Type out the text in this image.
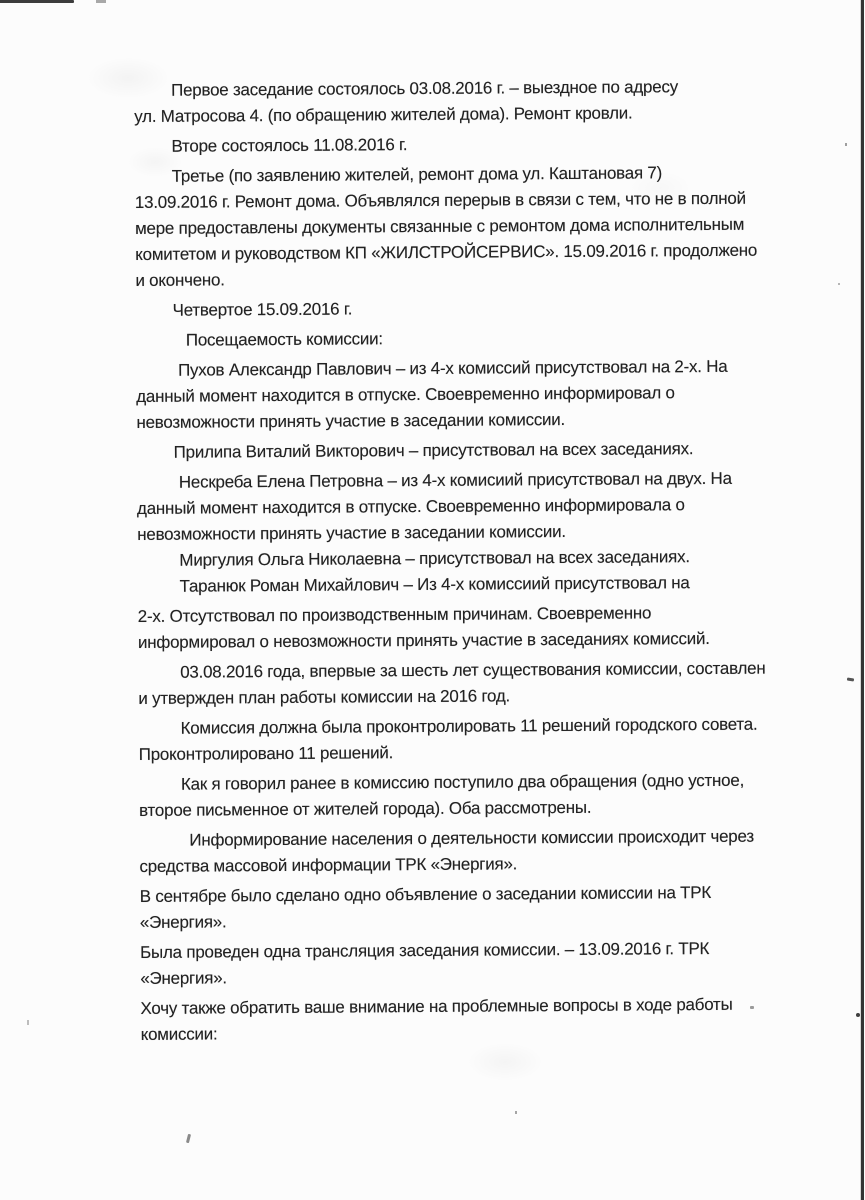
Первое заседание состоялось 03.08.2016 г. – выездное по адресу
ул. Матросова 4. (по обращению жителей дома). Ремонт кровли.
Вторе состоялось 11.08.2016 г.
Третье (по заявлению жителей, ремонт дома ул. Каштановая 7)
13.09.2016 г. Ремонт дома. Объявлялся перерыв в связи с тем, что не в полной
мере предоставлены документы связанные с ремонтом дома исполнительным
комитетом и руководством КП «ЖИЛСТРОЙСЕРВИС». 15.09.2016 г. продолжено
и окончено.
Четвертое 15.09.2016 г.
Посещаемость комиссии:
Пухов Александр Павлович – из 4-х комиссий присутствовал на 2-х. На
данный момент находится в отпуске. Своевременно информировал о
невозможности принять участие в заседании комиссии.
Прилипа Виталий Викторович – присутствовал на всех заседаниях.
Нескреба Елена Петровна – из 4-х комисиий присутствовал на двух. На
данный момент находится в отпуске. Своевременно информировала о
невозможности принять участие в заседании комиссии.
Миргулия Ольга Николаевна – присутствовал на всех заседаниях.
Таранюк Роман Михайлович – Из 4-х комиссиий присутствовал на
2-х. Отсутствовал по производственным причинам. Своевременно
информировал о невозможности принять участие в заседаниях комиссий.
03.08.2016 года, впервые за шесть лет существования комиссии, составлен
и утвержден план работы комиссии на 2016 год.
Комиссия должна была проконтролировать 11 решений городского совета.
Проконтролировано 11 решений.
Как я говорил ранее в комиссию поступило два обращения (одно устное,
второе письменное от жителей города). Оба рассмотрены.
Информирование населения о деятельности комиссии происходит через
средства массовой информации ТРК «Энергия».
В сентябре было сделано одно объявление о заседании комиссии на ТРК
«Энергия».
Была проведен одна трансляция заседания комиссии. – 13.09.2016 г. ТРК
«Энергия».
Хочу также обратить ваше внимание на проблемные вопросы в ходе работы
комиссии:
